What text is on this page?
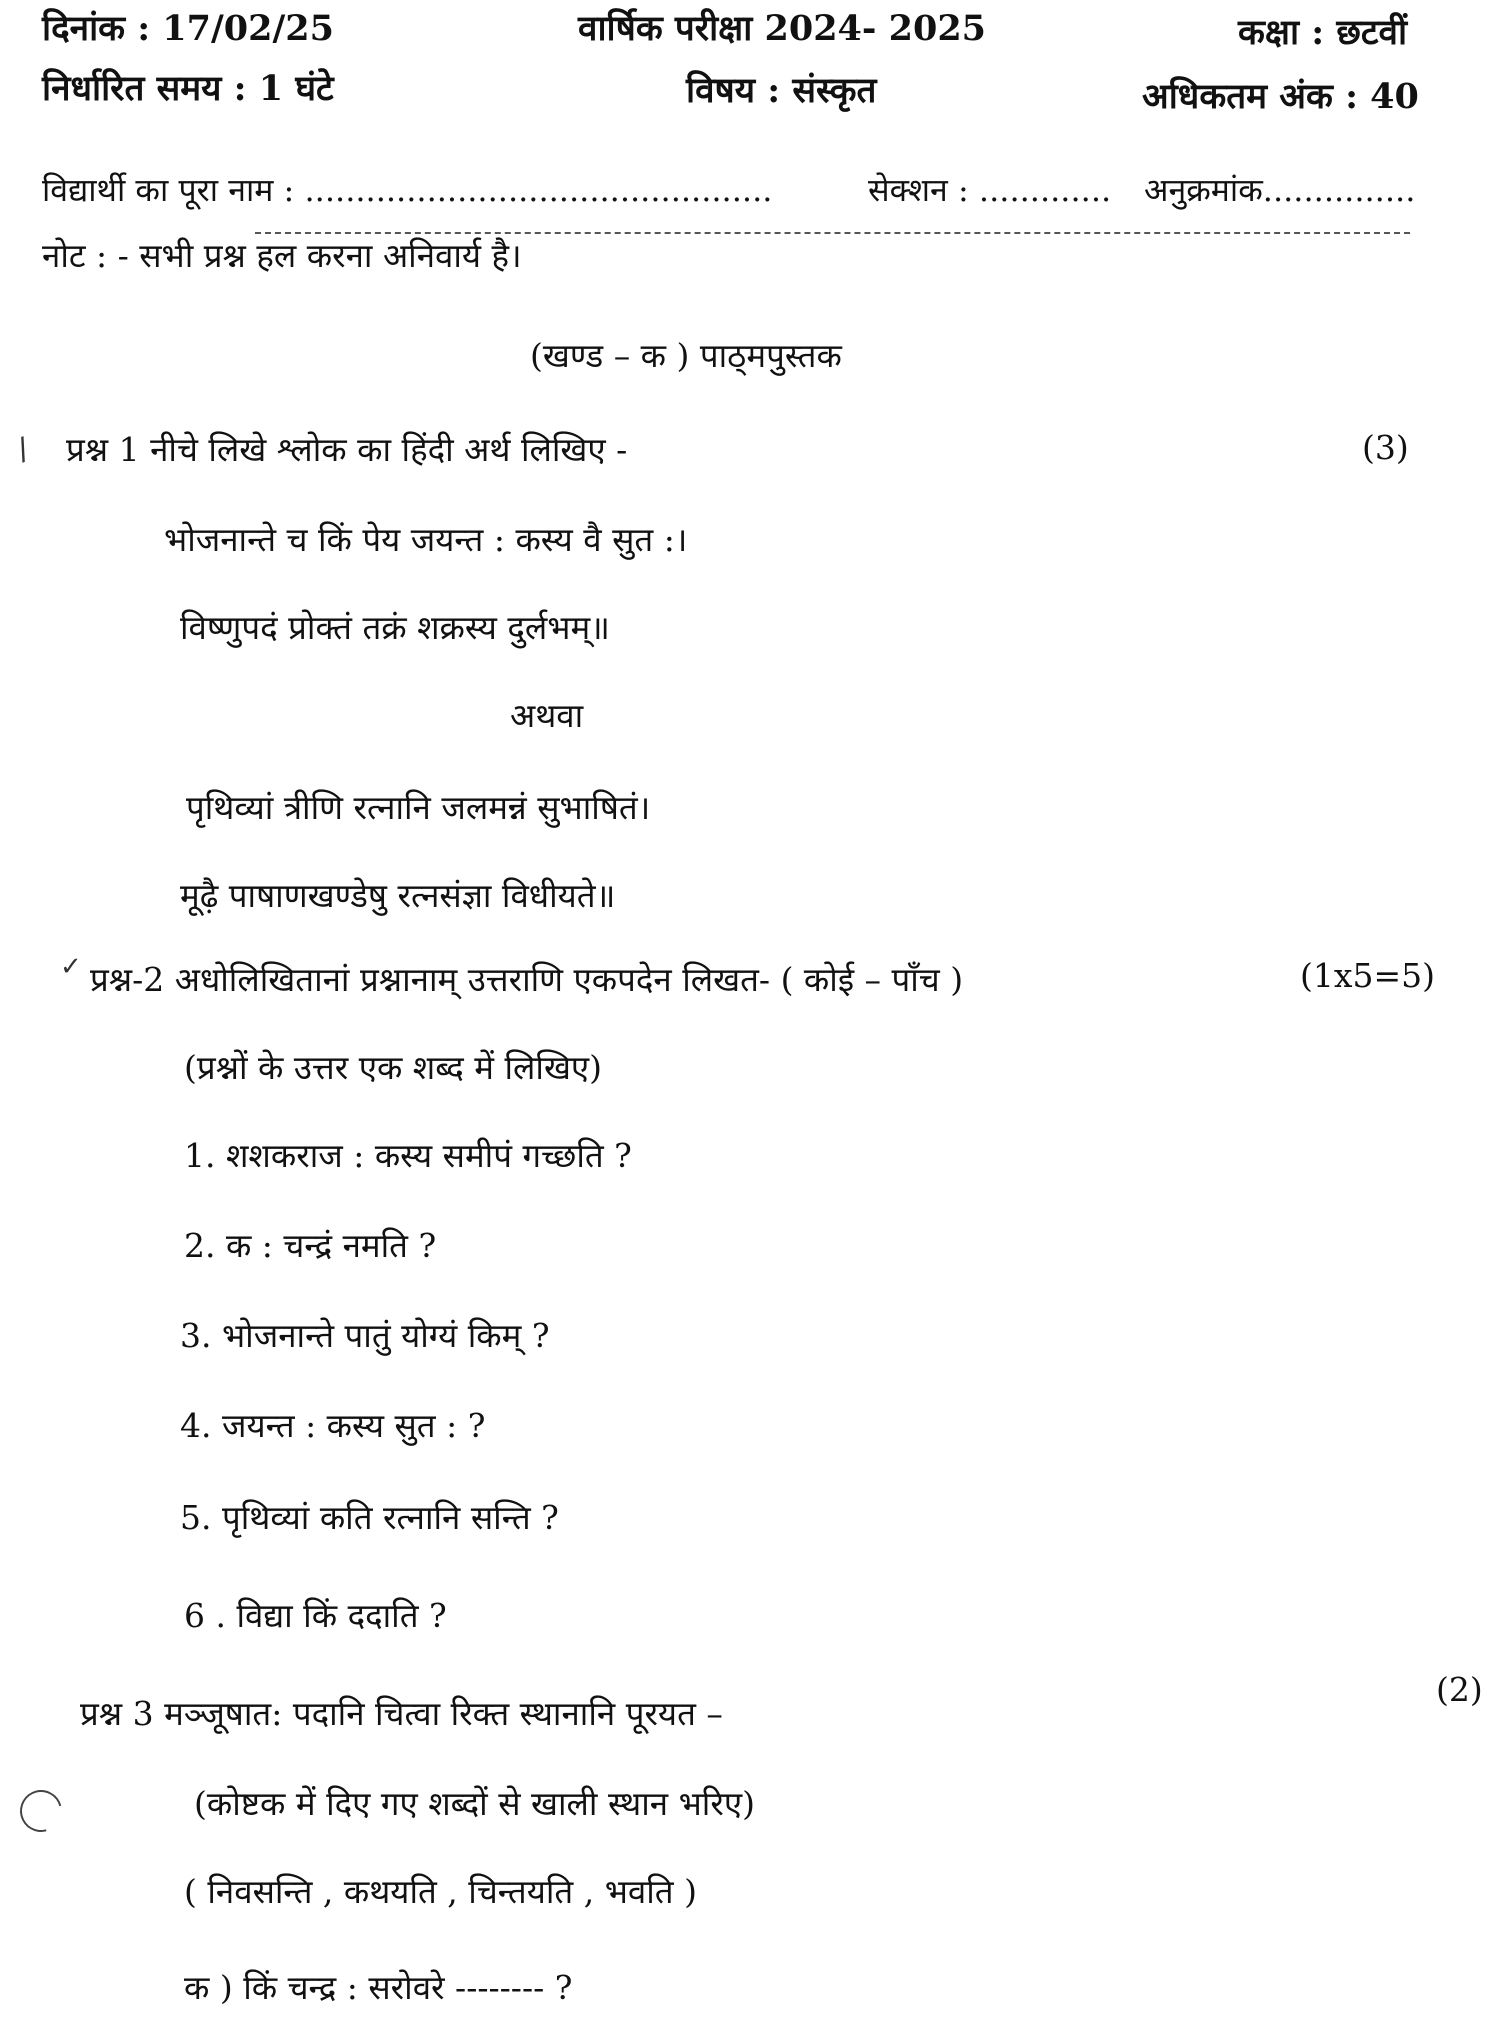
दिनांक : 17/02/25	वार्षिक परीक्षा 2024- 2025	कक्षा : छटवीं
निर्धारित समय : 1 घंटे	विषय : संस्कृत	अधिकतम अंक : 40
विद्यार्थी का पूरा नाम : ..............................................	सेक्शन : ............. अनुक्रमांक...............
नोट : - सभी प्रश्न हल करना अनिवार्य है।
(खण्ड – क ) पाठ्मपुस्तक
/ प्रश्न 1 नीचे लिखे श्लोक का हिंदी अर्थ लिखिए -	(3)
भोजनान्ते च किं पेय जयन्त : कस्य वै सुत :।
विष्णुपदं प्रोक्तं तक्रं शक्रस्य दुर्लभम्॥
अथवा
पृथिव्यां त्रीणि रत्नानि जलमन्नं सुभाषितं।
मूढ़ै पाषाणखण्डेषु रत्नसंज्ञा विधीयते॥
✓ प्रश्न-2 अधोलिखितानां प्रश्नानाम् उत्तराणि एकपदेन लिखत- ( कोई – पाँच )	(1x5=5)
(प्रश्नों के उत्तर एक शब्द में लिखिए)
1. शशकराज : कस्य समीपं गच्छति ?
2. क : चन्द्रं नमति ?
3. भोजनान्ते पातुं योग्यं किम् ?
4. जयन्त : कस्य सुत : ?
5. पृथिव्यां कति रत्नानि सन्ति ?
6 . विद्या किं ददाति ?
प्रश्न 3 मञ्जूषात: पदानि चित्वा रिक्त स्थानानि पूरयत –
(2)
(कोष्टक में दिए गए शब्दों से खाली स्थान भरिए)
( निवसन्ति , कथयति , चिन्तयति , भवति )
क ) किं चन्द्र : सरोवरे -------- ?
